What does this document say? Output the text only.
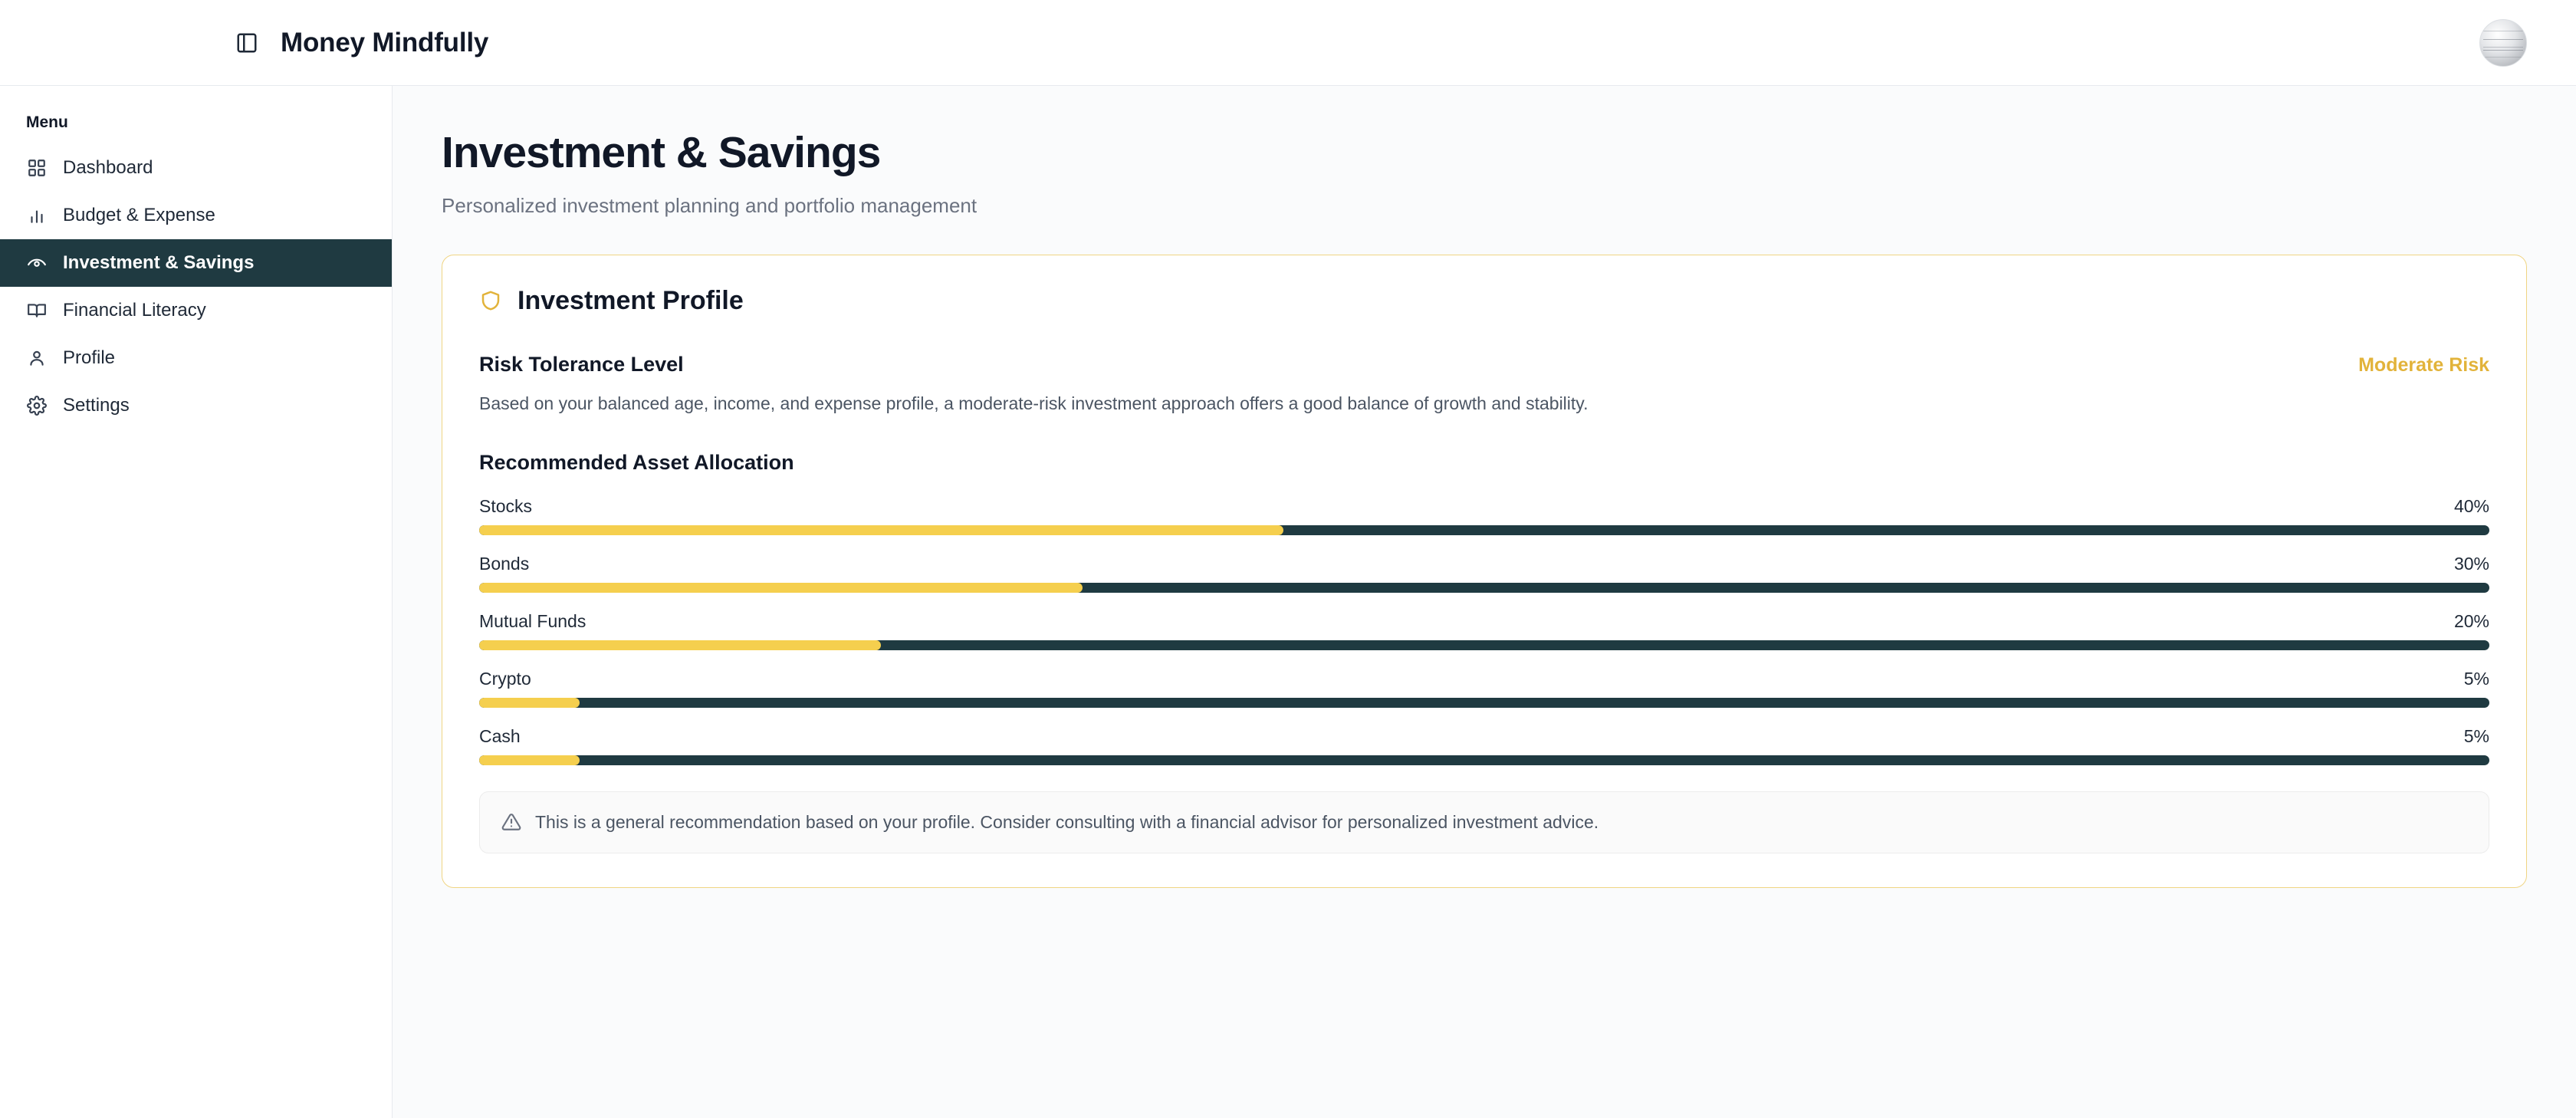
Money Mindfully
Menu
Dashboard
Budget & Expense
Investment & Savings
Financial Literacy
Profile
Settings
Investment & Savings
Personalized investment planning and portfolio management
Investment Profile
Risk Tolerance Level	Moderate Risk
Based on your balanced age, income, and expense profile, a moderate-risk investment approach offers a good balance of growth and stability.
Recommended Asset Allocation
Stocks	40%
Bonds	30%
Mutual Funds	20%
Crypto	5%
Cash	5%
This is a general recommendation based on your profile. Consider consulting with a financial advisor for personalized investment advice.
